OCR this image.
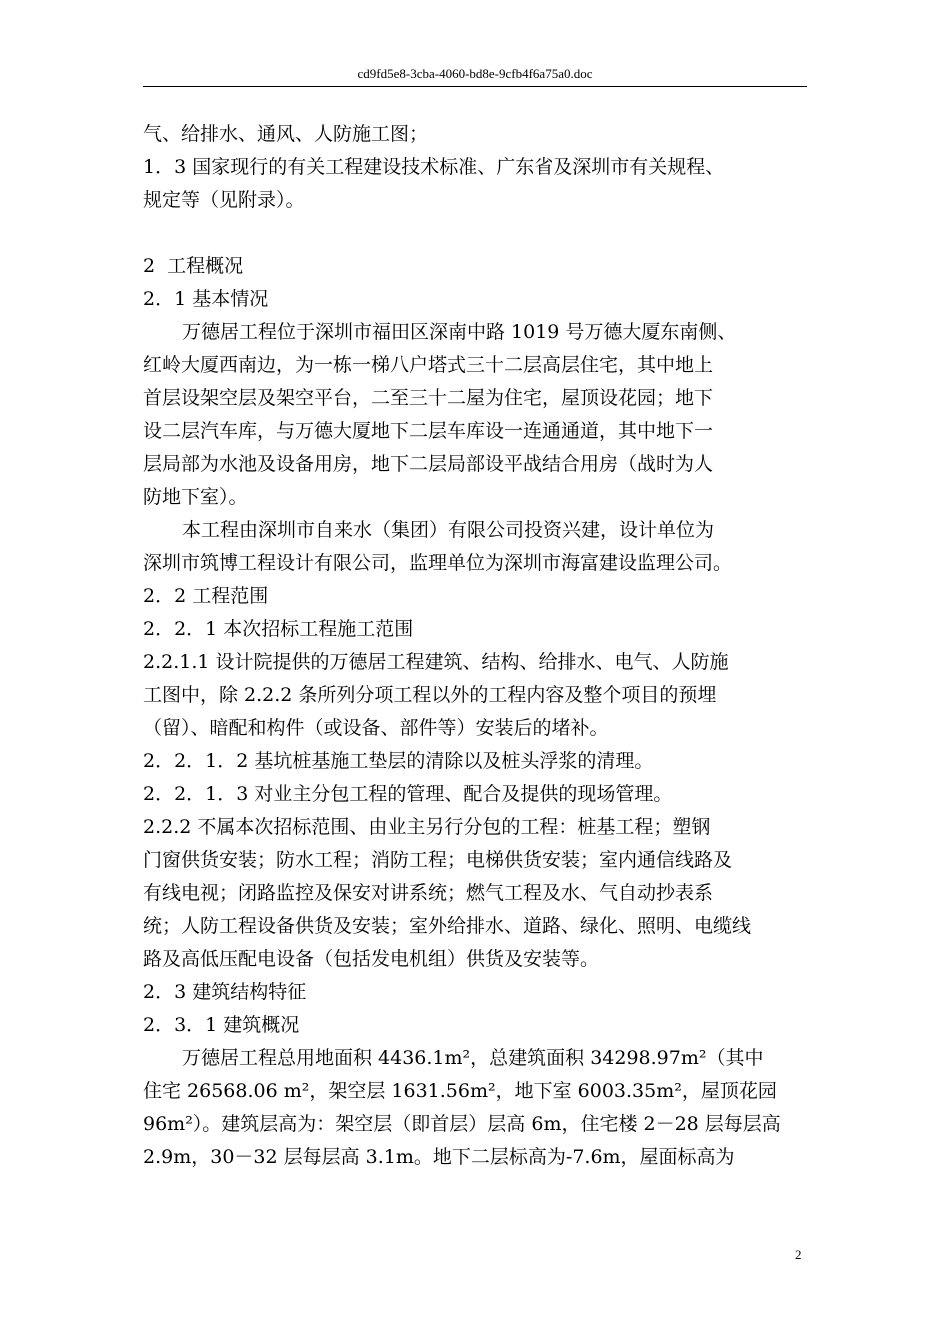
cd9fd5e8-3cba-4060-bd8e-9cfb4f6a75a0.doc
气、给排水、通风、人防施工图；
1．3 国家现行的有关工程建设技术标准、广东省及深圳市有关规程、
规定等（见附录）。
2  工程概况
2．1 基本情况
万德居工程位于深圳市福田区深南中路 1019 号万德大厦东南侧、
红岭大厦西南边，为一栋一梯八户塔式三十二层高层住宅，其中地上
首层设架空层及架空平台，二至三十二屋为住宅，屋顶设花园；地下
设二层汽车库，与万德大厦地下二层车库设一连通通道，其中地下一
层局部为水池及设备用房，地下二层局部设平战结合用房（战时为人
防地下室）。
本工程由深圳市自来水（集团）有限公司投资兴建，设计单位为
深圳市筑博工程设计有限公司，监理单位为深圳市海富建设监理公司。
2．2 工程范围
2．2．1 本次招标工程施工范围
2.2.1.1 设计院提供的万德居工程建筑、结构、给排水、电气、人防施
工图中，除 2.2.2 条所列分项工程以外的工程内容及整个项目的预埋
（留）、暗配和构件（或设备、部件等）安装后的堵补。
2．2．1．2 基坑桩基施工垫层的清除以及桩头浮浆的清理。
2．2．1．3 对业主分包工程的管理、配合及提供的现场管理。
2.2.2 不属本次招标范围、由业主另行分包的工程：桩基工程；塑钢
门窗供货安装；防水工程；消防工程；电梯供货安装；室内通信线路及
有线电视；闭路监控及保安对讲系统；燃气工程及水、气自动抄表系
统；人防工程设备供货及安装；室外给排水、道路、绿化、照明、电缆线
路及高低压配电设备（包括发电机组）供货及安装等。
2．3 建筑结构特征
2．3．1 建筑概况
万德居工程总用地面积 4436.1m²，总建筑面积 34298.97m²（其中
住宅 26568.06 m²，架空层 1631.56m²，地下室 6003.35m²，屋顶花园
96m²）。建筑层高为：架空层（即首层）层高 6m，住宅楼 2－28 层每层高
2.9m，30－32 层每层高 3.1m。地下二层标高为-7.6m，屋面标高为
2
